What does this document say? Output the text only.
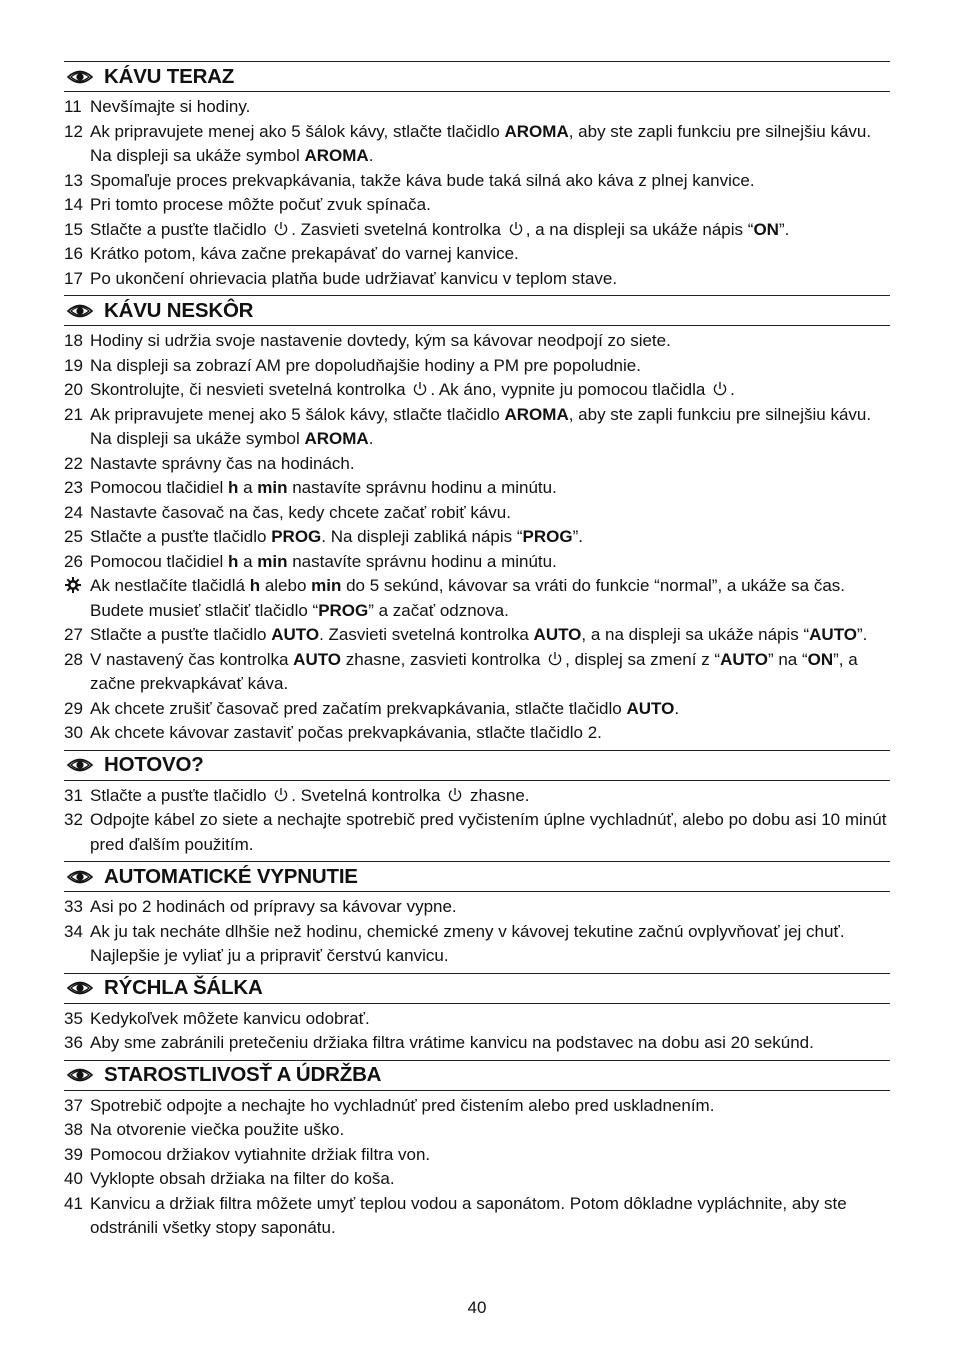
KÁVU TERAZ
11 Nevšímajte si hodiny.
12 Ak pripravujete menej ako 5 šálok kávy, stlačte tlačidlo AROMA, aby ste zapli funkciu pre silnejšiu kávu. Na displeji sa ukáže symbol AROMA.
13 Spomaľuje proces prekvapkávania, takže káva bude taká silná ako káva z plnej kanvice.
14 Pri tomto procese môžte počuť zvuk spínača.
15 Stlačte a pusťte tlačidlo . Zasvieti svetelná kontrolka , a na displeji sa ukáže nápis “ON”.
16 Krátko potom, káva začne prekapávať do varnej kanvice.
17 Po ukončení ohrievacia platňa bude udržiavať kanvicu v teplom stave.
KÁVU NESKÔR
18 Hodiny si udržia svoje nastavenie dovtedy, kým sa kávovar neodpojí zo siete.
19 Na displeji sa zobrazí AM pre dopoludňajšie hodiny a PM pre popoludnie.
20 Skontrolujte, či nesvieti svetelná kontrolka . Ak áno, vypnite ju pomocou tlačidla .
21 Ak pripravujete menej ako 5 šálok kávy, stlačte tlačidlo AROMA, aby ste zapli funkciu pre silnejšiu kávu. Na displeji sa ukáže symbol AROMA.
22 Nastavte správny čas na hodinách.
23 Pomocou tlačidiel h a min nastavíte správnu hodinu a minútu.
24 Nastavte časovač na čas, kedy chcete začať robiť kávu.
25 Stlačte a pusťte tlačidlo PROG. Na displeji zabliká nápis “PROG”.
26 Pomocou tlačidiel h a min nastavíte správnu hodinu a minútu.
Ak nestlačíte tlačidlá h alebo min do 5 sekúnd, kávovar sa vráti do funkcie “normal”, a ukáže sa čas. Budete musieť stlačiť tlačidlo “PROG” a začať odznova.
27 Stlačte a pusťte tlačidlo AUTO. Zasvieti svetelná kontrolka AUTO, a na displeji sa ukáže nápis “AUTO”.
28 V nastavený čas kontrolka AUTO zhasne, zasvieti kontrolka , displej sa zmení z “AUTO” na “ON”, a začne prekvapkávať káva.
29 Ak chcete zrušiť časovač pred začatím prekvapkávania, stlačte tlačidlo AUTO.
30 Ak chcete kávovar zastaviť počas prekvapkávania, stlačte tlačidlo 2.
HOTOVO?
31 Stlačte a pusťte tlačidlo . Svetelná kontrolka  zhasne.
32 Odpojte kábel zo siete a nechajte spotrebič pred vyčistením úplne vychladnúť, alebo po dobu asi 10 minút pred ďalším použitím.
AUTOMATICKÉ VYPNUTIE
33 Asi po 2 hodinách od prípravy sa kávovar vypne.
34 Ak ju tak necháte dlhšie než hodinu, chemické zmeny v kávovej tekutine začnú ovplyvňovať jej chuť. Najlepšie je vyliať ju a pripraviť čerstvú kanvicu.
RÝCHLA ŠÁLKA
35 Kedykoľvek môžete kanvicu odobrať.
36 Aby sme zabránili pretečeniu držiaka filtra vrátime kanvicu na podstavec na dobu asi 20 sekúnd.
STAROSTLIVOSŤ A ÚDRŽBA
37 Spotrebič odpojte a nechajte ho vychladnúť pred čistením alebo pred uskladnením.
38 Na otvorenie viečka použite uško.
39 Pomocou držiakov vytiahnite držiak filtra von.
40 Vyklopte obsah držiaka na filter do koša.
41 Kanvicu a držiak filtra môžete umyť teplou vodou a saponátom. Potom dôkladne vypláchnite, aby ste odstránili všetky stopy saponátu.
40
